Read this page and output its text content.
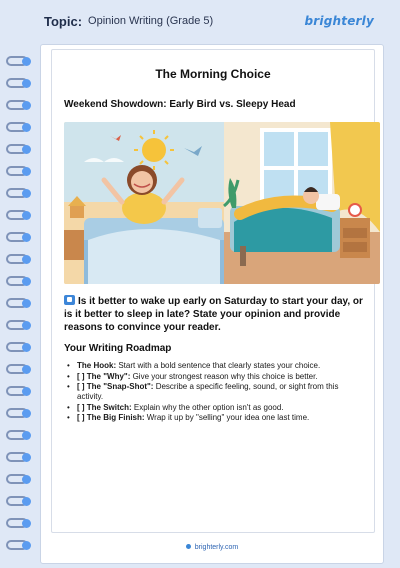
Topic: Opinion Writing (Grade 5)	brighterly
The Morning Choice
Weekend Showdown: Early Bird vs. Sleepy Head
Is it better to wake up early on Saturday to start your day, or is it better to sleep in late? State your opinion and provide reasons to convince your reader.
Your Writing Roadmap
• The Hook: Start with a bold sentence that clearly states your choice.
• [ ] The "Why": Give your strongest reason why this choice is better.
• [ ] The "Snap-Shot": Describe a specific feeling, sound, or sight from this activity.
• [ ] The Switch: Explain why the other option isn't as good.
• [ ] The Big Finish: Wrap it up by "selling" your idea one last time.
brighterly.com
